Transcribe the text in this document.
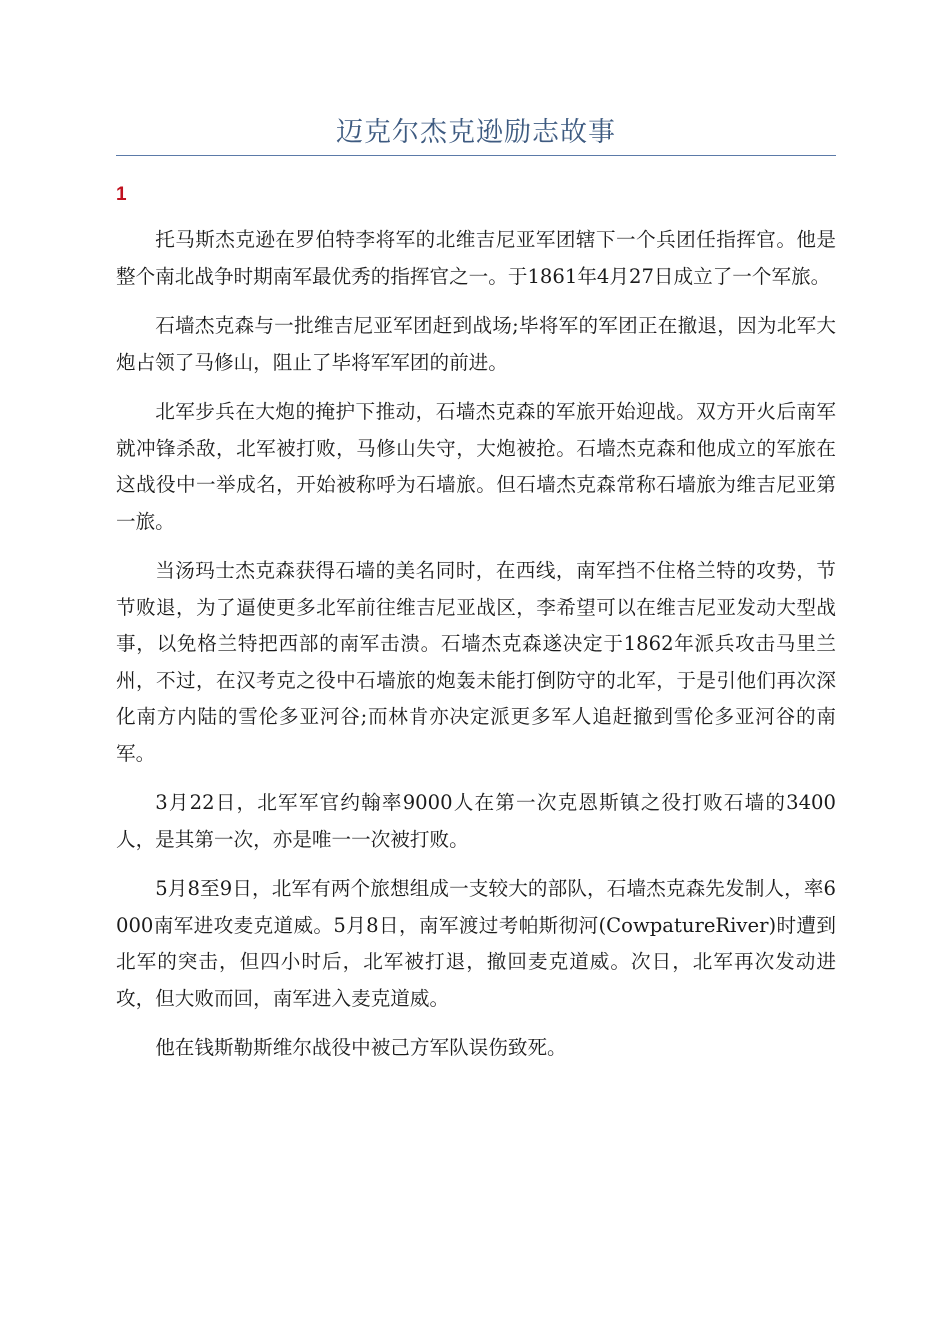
迈克尔杰克逊励志故事
1

托马斯杰克逊在罗伯特李将军的北维吉尼亚军团辖下一个兵团任指挥官。他是整个南北战争时期南军最优秀的指挥官之一。于1861年4月27日成立了一个军旅。

石墙杰克森与一批维吉尼亚军团赶到战场;毕将军的军团正在撤退，因为北军大炮占领了马修山，阻止了毕将军军团的前进。

北军步兵在大炮的掩护下推动，石墙杰克森的军旅开始迎战。双方开火后南军就冲锋杀敌，北军被打败，马修山失守，大炮被抢。石墙杰克森和他成立的军旅在这战役中一举成名，开始被称呼为石墙旅。但石墙杰克森常称石墙旅为维吉尼亚第一旅。

当汤玛士杰克森获得石墙的美名同时，在西线，南军挡不住格兰特的攻势，节节败退，为了逼使更多北军前往维吉尼亚战区，李希望可以在维吉尼亚发动大型战事，以免格兰特把西部的南军击溃。石墙杰克森遂决定于1862年派兵攻击马里兰州，不过，在汉考克之役中石墙旅的炮轰未能打倒防守的北军，于是引他们再次深化南方内陆的雪伦多亚河谷;而林肯亦决定派更多军人追赶撤到雪伦多亚河谷的南军。

3月22日，北军军官约翰率9000人在第一次克恩斯镇之役打败石墙的3400人，是其第一次，亦是唯一一次被打败。

5月8至9日，北军有两个旅想组成一支较大的部队，石墙杰克森先发制人，率6000南军进攻麦克道威。5月8日，南军渡过考帕斯彻河(CowpatureRiver)时遭到北军的突击，但四小时后，北军被打退，撤回麦克道威。次日，北军再次发动进攻，但大败而回，南军进入麦克道威。

他在钱斯勒斯维尔战役中被己方军队误伤致死。
